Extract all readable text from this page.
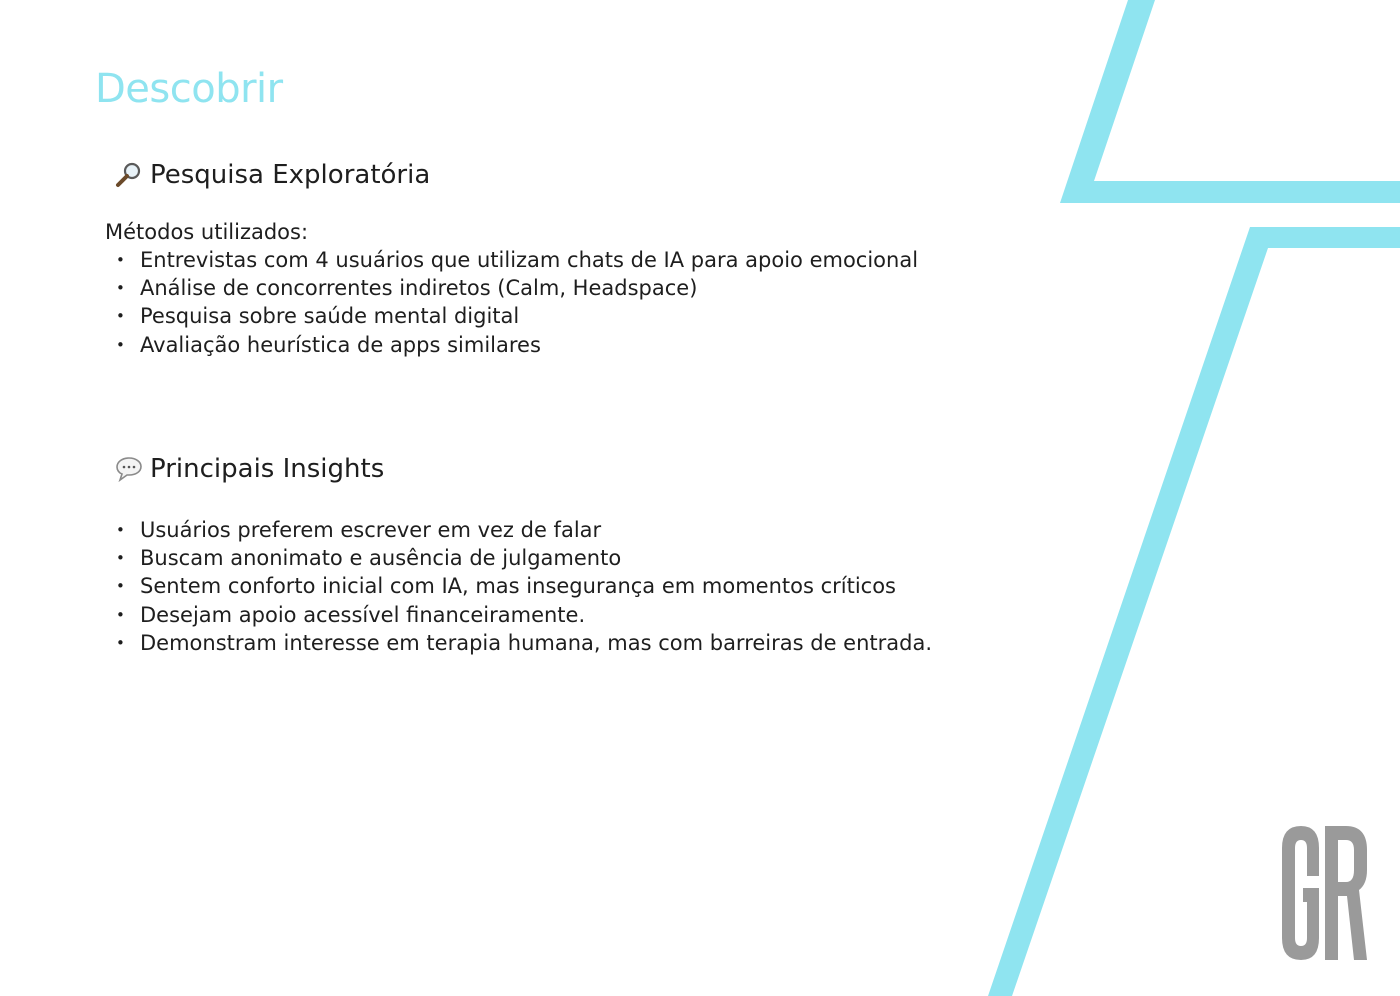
Descobrir
Pesquisa Exploratória

Métodos utilizados:

• Entrevistas com 4 usuários que utilizam chats de IA para apoio emocional
• Análise de concorrentes indiretos (Calm, Headspace)
• Pesquisa sobre saúde mental digital
• Avaliação heurística de apps similares
Principais Insights
• Usuários preferem escrever em vez de falar
• Buscam anonimato e ausência de julgamento
• Sentem conforto inicial com IA, mas insegurança em momentos críticos
• Desejam apoio acessível financeiramente.
• Demonstram interesse em terapia humana, mas com barreiras de entrada.
